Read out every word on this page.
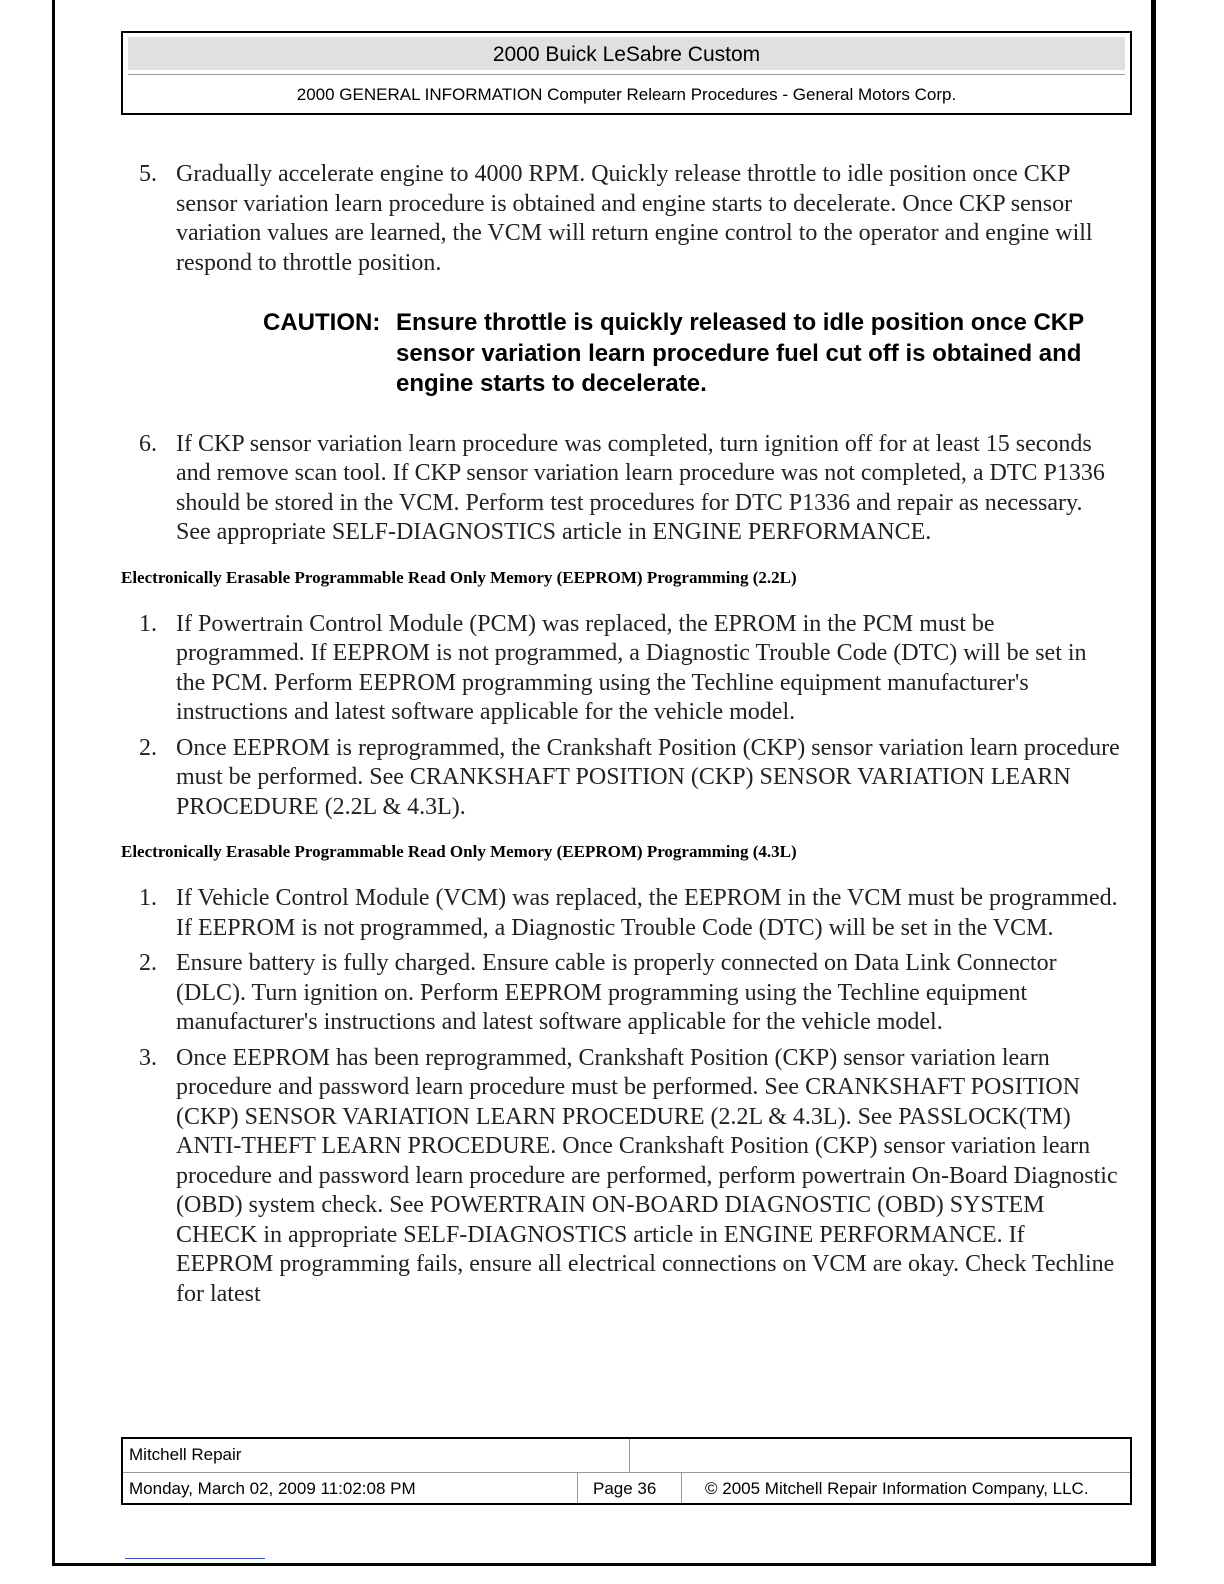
2000 Buick LeSabre Custom
2000 GENERAL INFORMATION Computer Relearn Procedures - General Motors Corp.
5. Gradually accelerate engine to 4000 RPM. Quickly release throttle to idle position once CKP sensor variation learn procedure is obtained and engine starts to decelerate. Once CKP sensor variation values are learned, the VCM will return engine control to the operator and engine will respond to throttle position.
CAUTION: Ensure throttle is quickly released to idle position once CKP sensor variation learn procedure fuel cut off is obtained and engine starts to decelerate.
6. If CKP sensor variation learn procedure was completed, turn ignition off for at least 15 seconds and remove scan tool. If CKP sensor variation learn procedure was not completed, a DTC P1336 should be stored in the VCM. Perform test procedures for DTC P1336 and repair as necessary. See appropriate SELF-DIAGNOSTICS article in ENGINE PERFORMANCE.
Electronically Erasable Programmable Read Only Memory (EEPROM) Programming (2.2L)
1. If Powertrain Control Module (PCM) was replaced, the EPROM in the PCM must be programmed. If EEPROM is not programmed, a Diagnostic Trouble Code (DTC) will be set in the PCM. Perform EEPROM programming using the Techline equipment manufacturer's instructions and latest software applicable for the vehicle model.
2. Once EEPROM is reprogrammed, the Crankshaft Position (CKP) sensor variation learn procedure must be performed. See CRANKSHAFT POSITION (CKP) SENSOR VARIATION LEARN PROCEDURE (2.2L & 4.3L).
Electronically Erasable Programmable Read Only Memory (EEPROM) Programming (4.3L)
1. If Vehicle Control Module (VCM) was replaced, the EEPROM in the VCM must be programmed. If EEPROM is not programmed, a Diagnostic Trouble Code (DTC) will be set in the VCM.
2. Ensure battery is fully charged. Ensure cable is properly connected on Data Link Connector (DLC). Turn ignition on. Perform EEPROM programming using the Techline equipment manufacturer's instructions and latest software applicable for the vehicle model.
3. Once EEPROM has been reprogrammed, Crankshaft Position (CKP) sensor variation learn procedure and password learn procedure must be performed. See CRANKSHAFT POSITION (CKP) SENSOR VARIATION LEARN PROCEDURE (2.2L & 4.3L). See PASSLOCK(TM) ANTI-THEFT LEARN PROCEDURE. Once Crankshaft Position (CKP) sensor variation learn procedure and password learn procedure are performed, perform powertrain On-Board Diagnostic (OBD) system check. See POWERTRAIN ON-BOARD DIAGNOSTIC (OBD) SYSTEM CHECK in appropriate SELF-DIAGNOSTICS article in ENGINE PERFORMANCE. If EEPROM programming fails, ensure all electrical connections on VCM are okay. Check Techline for latest
Mitchell Repair
Monday, March 02, 2009 11:02:08 PM	Page 36	© 2005 Mitchell Repair Information Company, LLC.
